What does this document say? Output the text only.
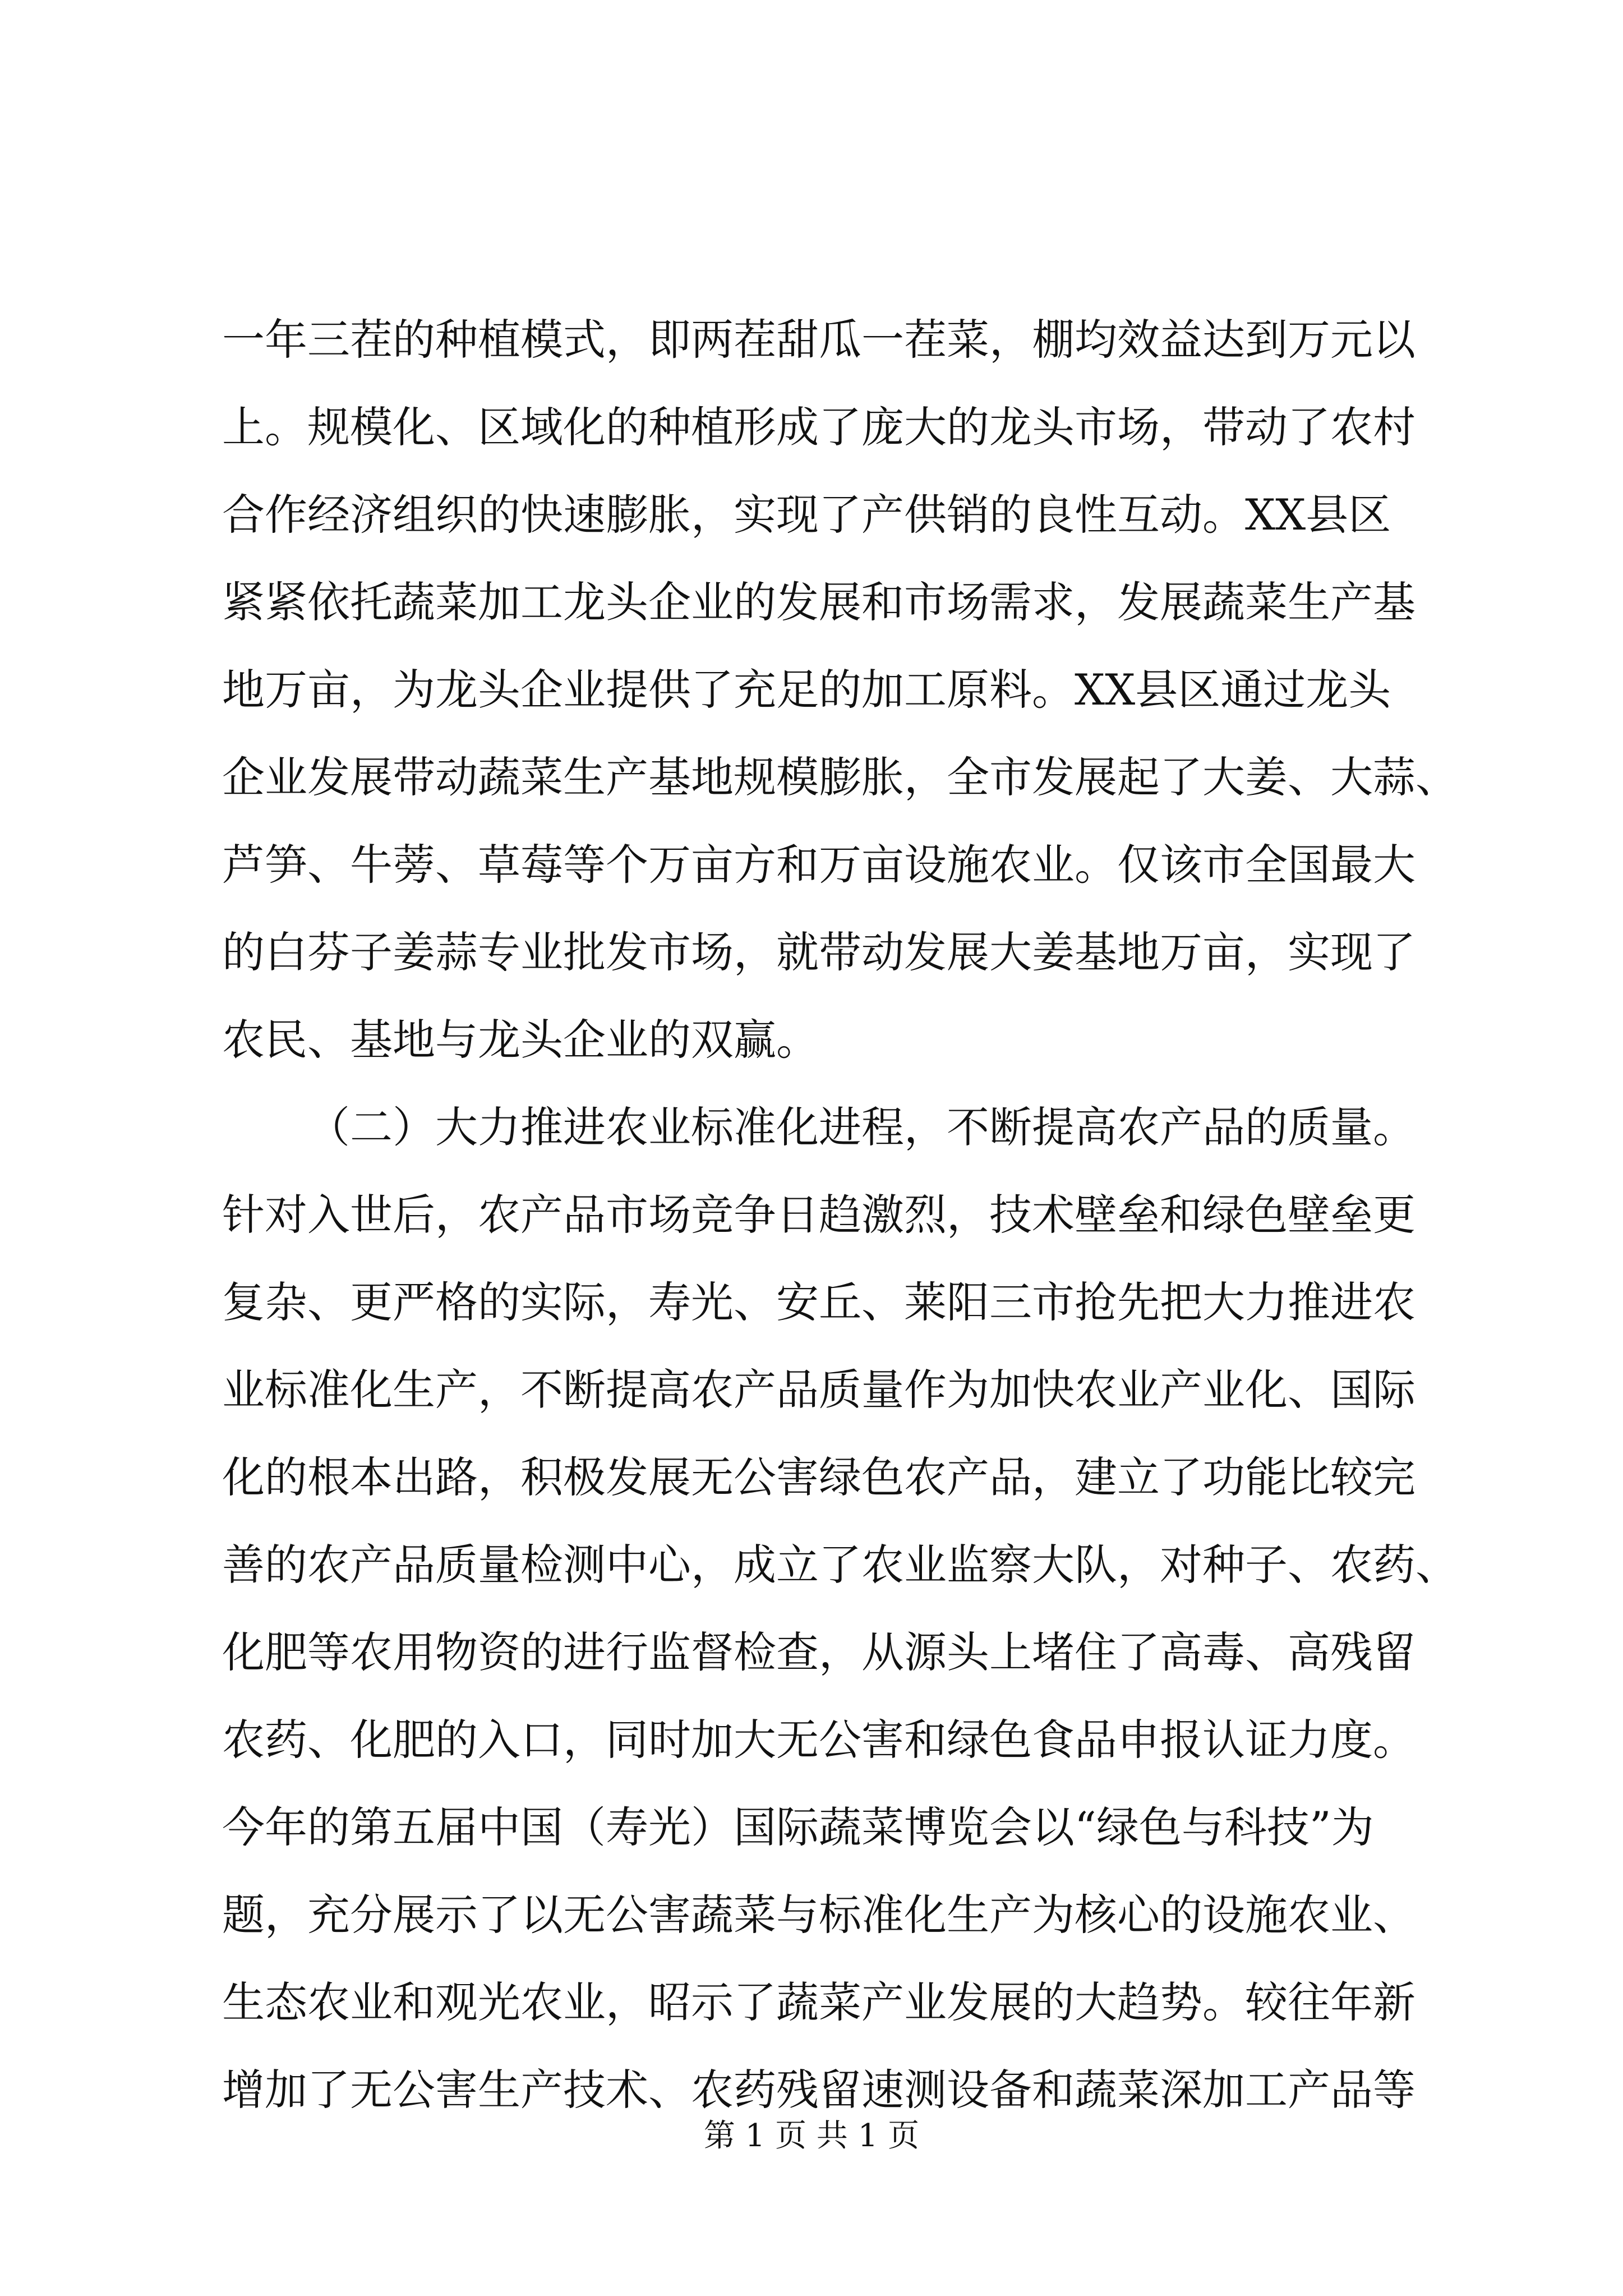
一年三茬的种植模式，即两茬甜瓜一茬菜，棚均效益达到万元以
上。规模化、区域化的种植形成了庞大的龙头市场，带动了农村
合作经济组织的快速膨胀，实现了产供销的良性互动。XX县区
紧紧依托蔬菜加工龙头企业的发展和市场需求，发展蔬菜生产基
地万亩，为龙头企业提供了充足的加工原料。XX县区通过龙头
企业发展带动蔬菜生产基地规模膨胀，全市发展起了大姜、大蒜、
芦笋、牛蒡、草莓等个万亩方和万亩设施农业。仅该市全国最大
的白芬子姜蒜专业批发市场，就带动发展大姜基地万亩，实现了
农民、基地与龙头企业的双赢。
（二）大力推进农业标准化进程，不断提高农产品的质量。
针对入世后，农产品市场竞争日趋激烈，技术壁垒和绿色壁垒更
复杂、更严格的实际，寿光、安丘、莱阳三市抢先把大力推进农
业标准化生产，不断提高农产品质量作为加快农业产业化、国际
化的根本出路，积极发展无公害绿色农产品，建立了功能比较完
善的农产品质量检测中心，成立了农业监察大队，对种子、农药、
化肥等农用物资的进行监督检查，从源头上堵住了高毒、高残留
农药、化肥的入口，同时加大无公害和绿色食品申报认证力度。
今年的第五届中国（寿光）国际蔬菜博览会以“绿色与科技”为
题，充分展示了以无公害蔬菜与标准化生产为核心的设施农业、
生态农业和观光农业，昭示了蔬菜产业发展的大趋势。较往年新
增加了无公害生产技术、农药残留速测设备和蔬菜深加工产品等
第 1 页 共 1 页
